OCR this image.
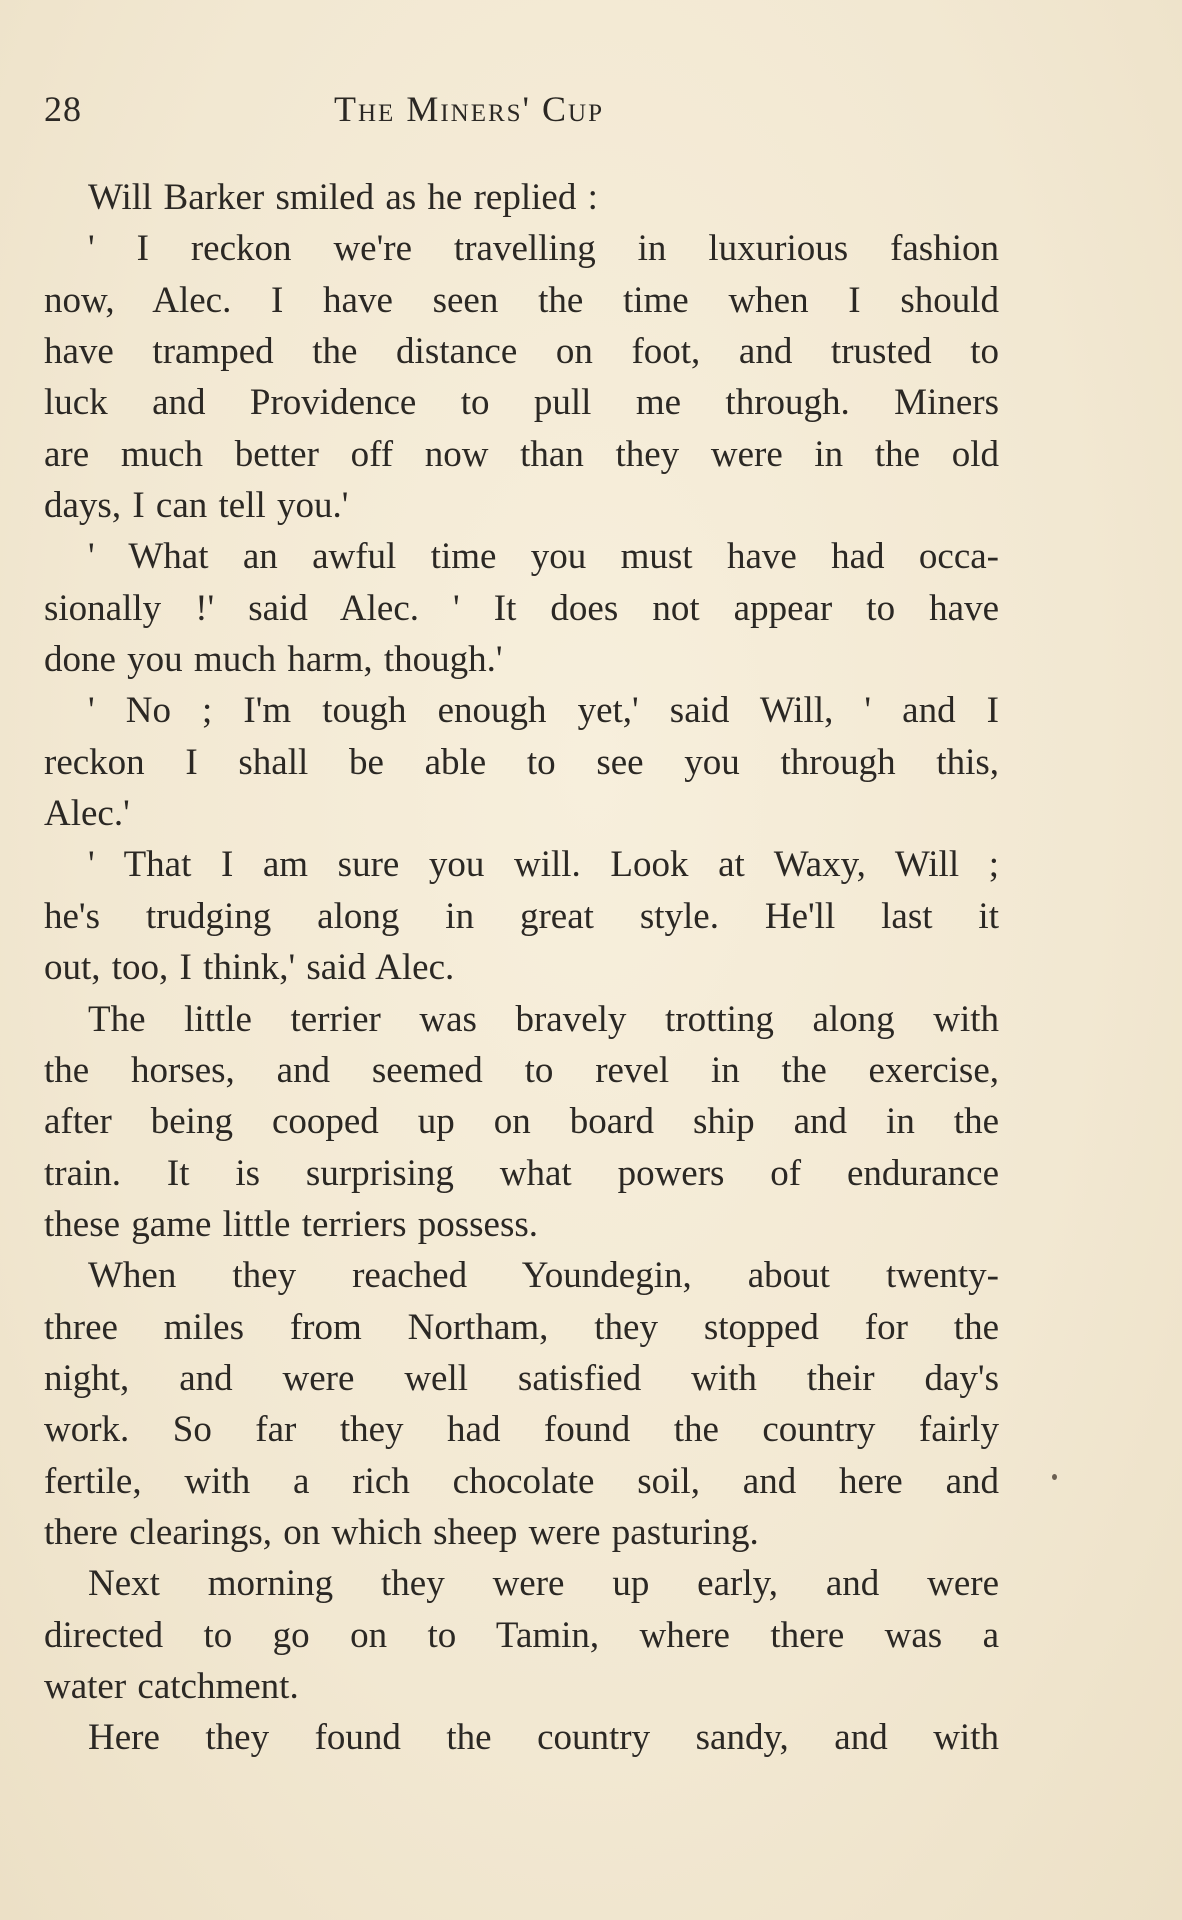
28	The Miners' Cup
Will Barker smiled as he replied :
' I reckon we're travelling in luxurious fashion
now, Alec. I have seen the time when I should
have tramped the distance on foot, and trusted to
luck and Providence to pull me through. Miners
are much better off now than they were in the old
days, I can tell you.'
' What an awful time you must have had occa-
sionally !' said Alec. ' It does not appear to have
done you much harm, though.'
' No ; I'm tough enough yet,' said Will, ' and I
reckon I shall be able to see you through this,
Alec.'
' That I am sure you will. Look at Waxy, Will ;
he's trudging along in great style. He'll last it
out, too, I think,' said Alec.
The little terrier was bravely trotting along with
the horses, and seemed to revel in the exercise,
after being cooped up on board ship and in the
train. It is surprising what powers of endurance
these game little terriers possess.
When they reached Youndegin, about twenty-
three miles from Northam, they stopped for the
night, and were well satisfied with their day's
work. So far they had found the country fairly
fertile, with a rich chocolate soil, and here and
there clearings, on which sheep were pasturing.
Next morning they were up early, and were
directed to go on to Tamin, where there was a
water catchment.
Here they found the country sandy, and with
